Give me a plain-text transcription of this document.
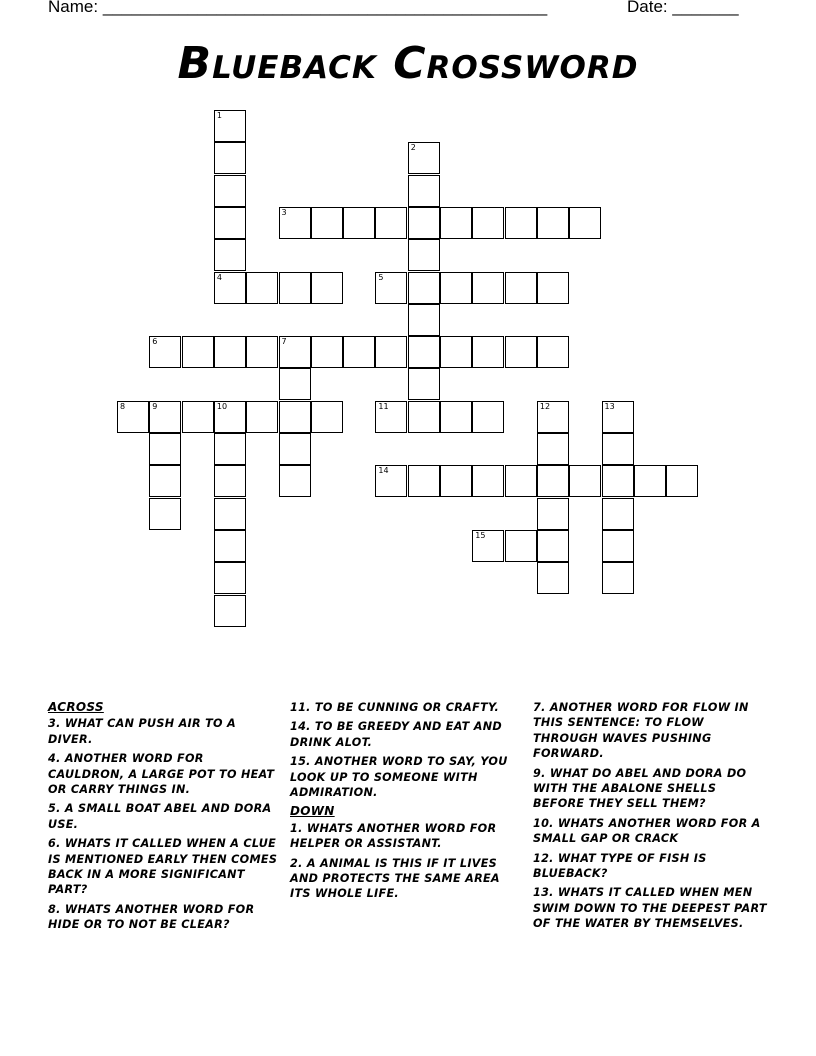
Name: _______________________________________________	Date: _______
Blueback Crossword
1
4
2
3
5
6	7
8	9	10	11	12	13
14
15
ACROSS
3. WHAT CAN PUSH AIR TO A DIVER.
4. ANOTHER WORD FOR CAULDRON, A LARGE POT TO HEAT OR CARRY THINGS IN.
5. A SMALL BOAT ABEL AND DORA USE.
6. WHATS IT CALLED WHEN A CLUE IS MENTIONED EARLY THEN COMES BACK IN A MORE SIGNIFICANT PART?
8. WHATS ANOTHER WORD FOR HIDE OR TO NOT BE CLEAR?
11. TO BE CUNNING OR CRAFTY.
14. TO BE GREEDY AND EAT AND DRINK ALOT.
15. ANOTHER WORD TO SAY, YOU LOOK UP TO SOMEONE WITH ADMIRATION.
DOWN
1. WHATS ANOTHER WORD FOR HELPER OR ASSISTANT.
2. A ANIMAL IS THIS IF IT LIVES AND PROTECTS THE SAME AREA ITS WHOLE LIFE.
7. ANOTHER WORD FOR FLOW IN THIS SENTENCE: TO FLOW THROUGH WAVES PUSHING FORWARD.
9. WHAT DO ABEL AND DORA DO WITH THE ABALONE SHELLS BEFORE THEY SELL THEM?
10. WHATS ANOTHER WORD FOR A SMALL GAP OR CRACK
12. WHAT TYPE OF FISH IS BLUEBACK?
13. WHATS IT CALLED WHEN MEN SWIM DOWN TO THE DEEPEST PART OF THE WATER BY THEMSELVES.
